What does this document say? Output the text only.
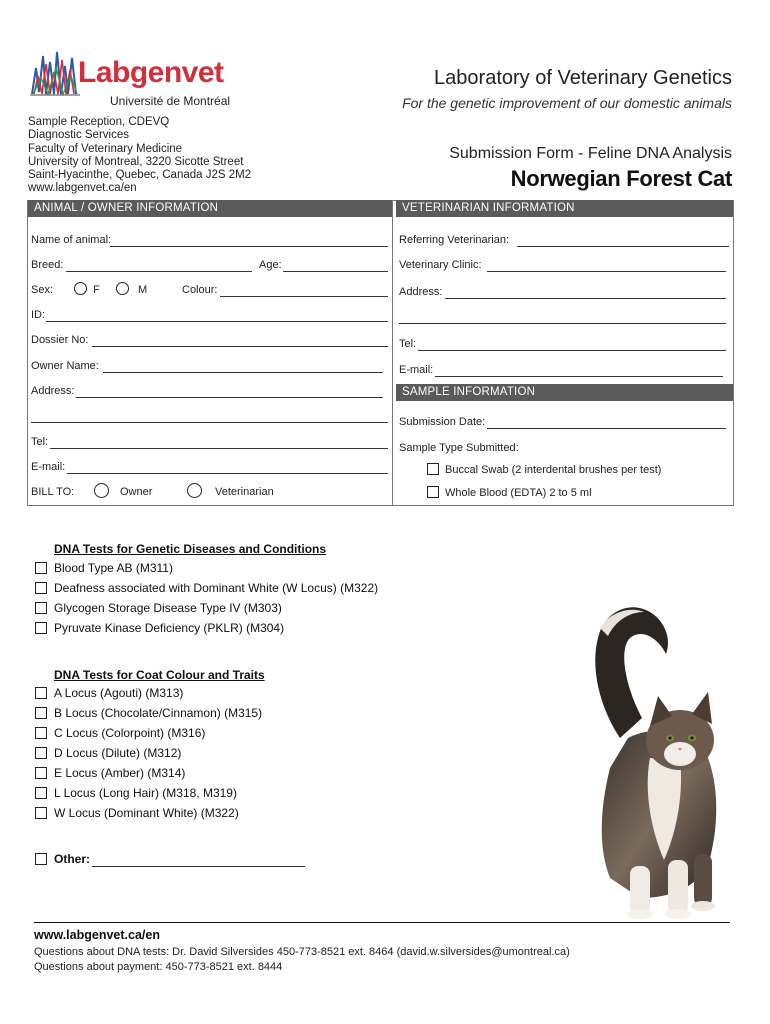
Labgenvet
Université de Montréal
Laboratory of Veterinary Genetics
For the genetic improvement of our domestic animals
Sample Reception, CDEVQ
Diagnostic Services
Faculty of Veterinary Medicine
University of Montreal, 3220 Sicotte Street
Saint-Hyacinthe, Quebec, Canada J2S 2M2
www.labgenvet.ca/en
Submission Form - Feline DNA Analysis
Norwegian Forest Cat
ANIMAL / OWNER INFORMATION	VETERINARIAN INFORMATION
Name of animal:
Breed:	Age:
Sex:	F	M	Colour:
ID:
Dossier No:
Owner Name:
Address:
Tel:
E-mail:
BILL TO:	Owner	Veterinarian
Referring Veterinarian:
Veterinary Clinic:
Address:
Tel:
E-mail:
SAMPLE INFORMATION
Submission Date:
Sample Type Submitted:
Buccal Swab (2 interdental brushes per test)
Whole Blood (EDTA) 2 to 5 ml
DNA Tests for Genetic Diseases and Conditions
Blood Type AB (M311)
Deafness associated with Dominant White (W Locus) (M322)
Glycogen Storage Disease Type IV (M303)
Pyruvate Kinase Deficiency (PKLR) (M304)
DNA Tests for Coat Colour and Traits
A Locus (Agouti) (M313)
B Locus (Chocolate/Cinnamon) (M315)
C Locus (Colorpoint) (M316)
D Locus (Dilute) (M312)
E Locus (Amber) (M314)
L Locus (Long Hair) (M318, M319)
W Locus (Dominant White) (M322)
Other:
www.labgenvet.ca/en
Questions about DNA tests: Dr. David Silversides 450-773-8521 ext. 8464 (david.w.silversides@umontreal.ca)
Questions about payment: 450-773-8521 ext. 8444
